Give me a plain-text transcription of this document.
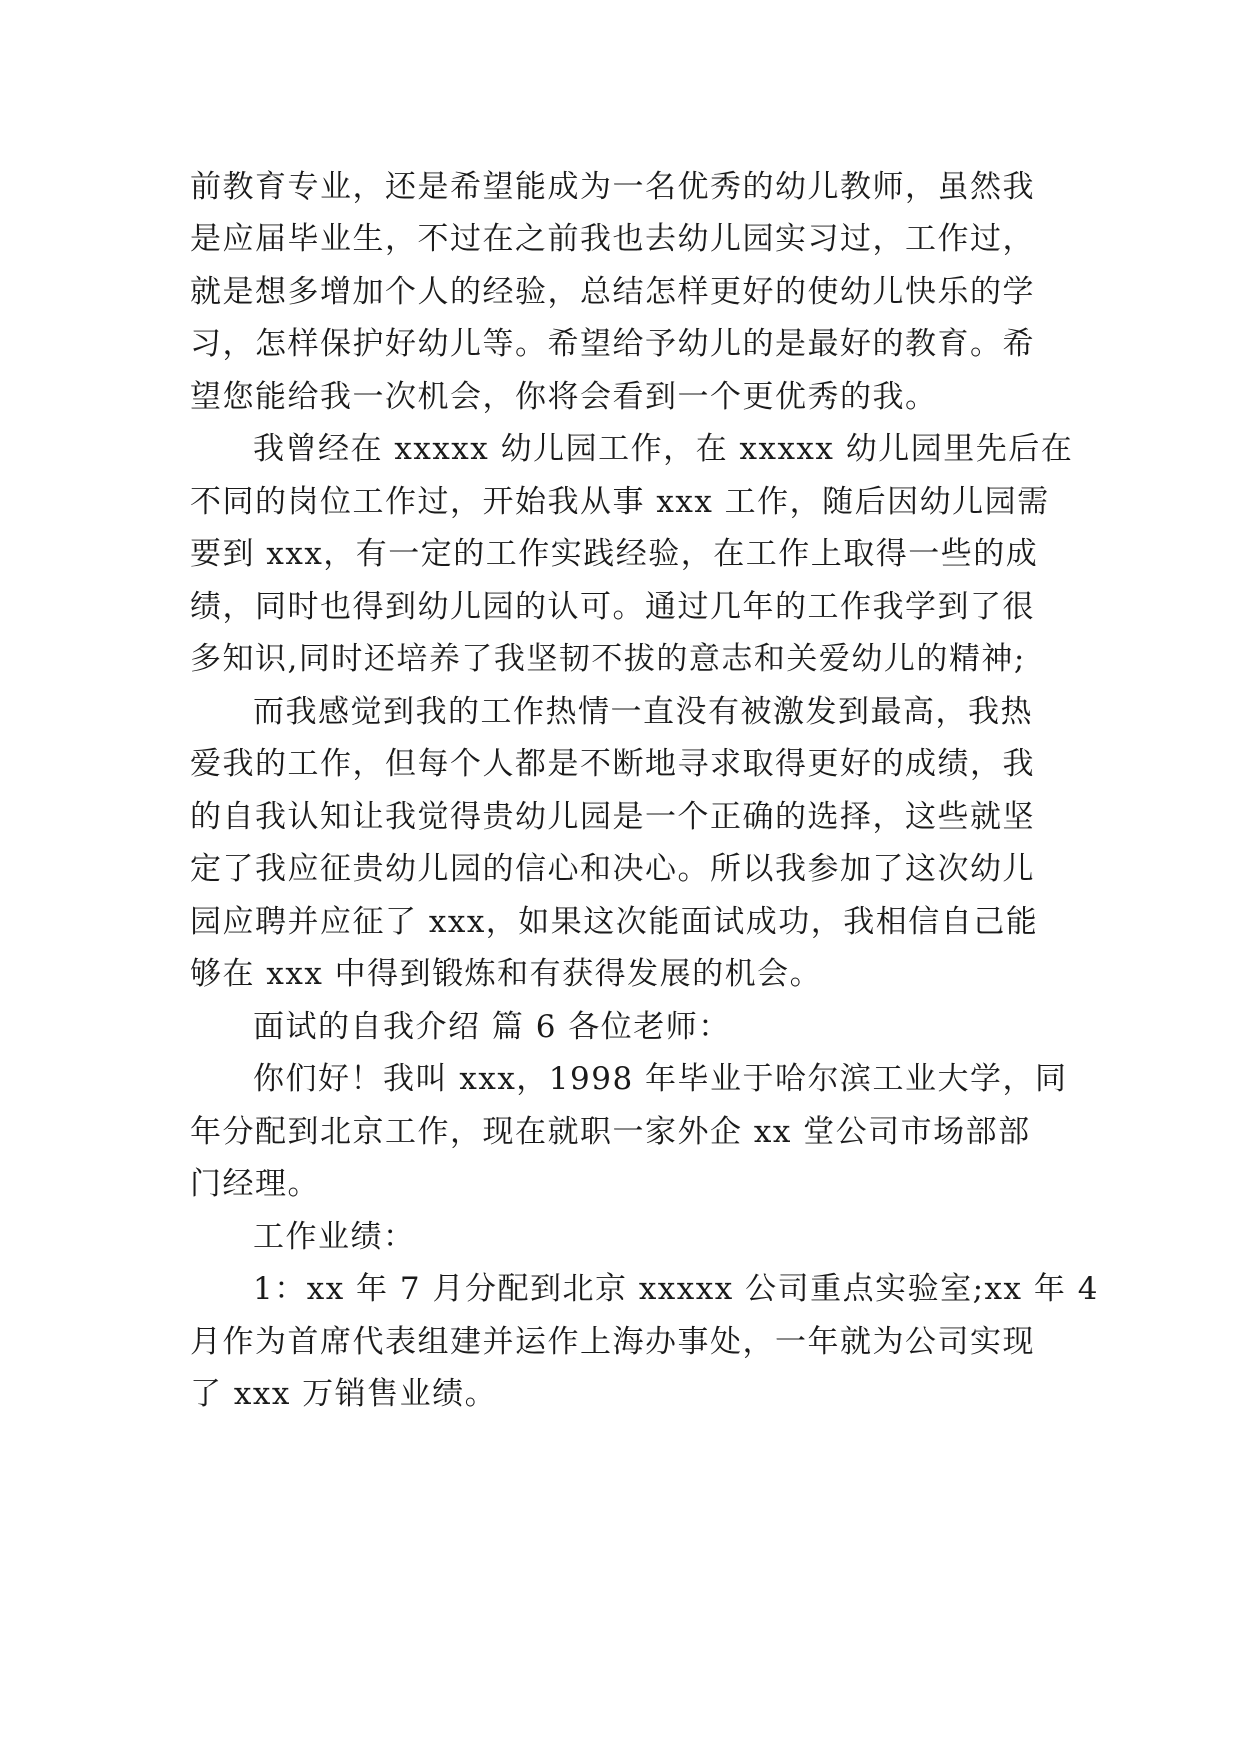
前教育专业，还是希望能成为一名优秀的幼儿教师，虽然我
是应届毕业生，不过在之前我也去幼儿园实习过，工作过，
就是想多增加个人的经验，总结怎样更好的使幼儿快乐的学
习，怎样保护好幼儿等。希望给予幼儿的是最好的教育。希
望您能给我一次机会，你将会看到一个更优秀的我。
我曾经在 xxxxx 幼儿园工作，在 xxxxx 幼儿园里先后在
不同的岗位工作过，开始我从事 xxx 工作，随后因幼儿园需
要到 xxx，有一定的工作实践经验，在工作上取得一些的成
绩，同时也得到幼儿园的认可。通过几年的工作我学到了很
多知识,同时还培养了我坚韧不拔的意志和关爱幼儿的精神;
而我感觉到我的工作热情一直没有被激发到最高，我热
爱我的工作，但每个人都是不断地寻求取得更好的成绩，我
的自我认知让我觉得贵幼儿园是一个正确的选择，这些就坚
定了我应征贵幼儿园的信心和决心。所以我参加了这次幼儿
园应聘并应征了 xxx，如果这次能面试成功，我相信自己能
够在 xxx 中得到锻炼和有获得发展的机会。
面试的自我介绍 篇 6 各位老师：
你们好！我叫 xxx，1998 年毕业于哈尔滨工业大学，同
年分配到北京工作，现在就职一家外企 xx 堂公司市场部部
门经理。
工作业绩：
1：xx 年 7 月分配到北京 xxxxx 公司重点实验室;xx 年 4
月作为首席代表组建并运作上海办事处，一年就为公司实现
了 xxx 万销售业绩。
